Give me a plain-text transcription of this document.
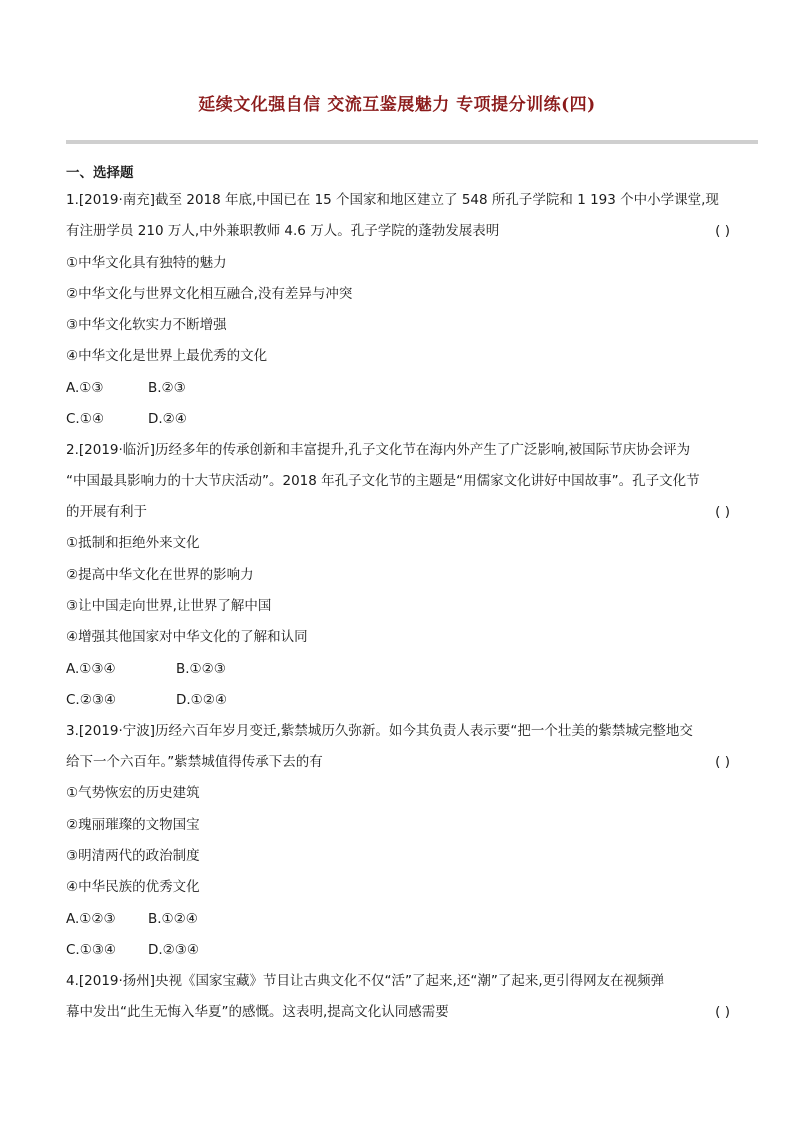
延续文化强自信 交流互鉴展魅力 专项提分训练(四)
一、选择题
1.[2019·南充]截至 2018 年底,中国已在 15 个国家和地区建立了 548 所孔子学院和 1 193 个中小学课堂,现
有注册学员 210 万人,中外兼职教师 4.6 万人。孔子学院的蓬勃发展表明	( )
①中华文化具有独特的魅力
②中华文化与世界文化相互融合,没有差异与冲突
③中华文化软实力不断增强
④中华文化是世界上最优秀的文化
A.①③	B.②③
C.①④	D.②④
2.[2019·临沂]历经多年的传承创新和丰富提升,孔子文化节在海内外产生了广泛影响,被国际节庆协会评为
“中国最具影响力的十大节庆活动”。2018 年孔子文化节的主题是“用儒家文化讲好中国故事”。孔子文化节
的开展有利于	( )
①抵制和拒绝外来文化
②提高中华文化在世界的影响力
③让中国走向世界,让世界了解中国
④增强其他国家对中华文化的了解和认同
A.①③④	B.①②③
C.②③④	D.①②④
3.[2019·宁波]历经六百年岁月变迁,紫禁城历久弥新。如今其负责人表示要“把一个壮美的紫禁城完整地交
给下一个六百年。”紫禁城值得传承下去的有	( )
①气势恢宏的历史建筑
②瑰丽璀璨的文物国宝
③明清两代的政治制度
④中华民族的优秀文化
A.①②③ B.①②④
C.①③④ D.②③④
4.[2019·扬州]央视《国家宝藏》节目让古典文化不仅“活”了起来,还“潮”了起来,更引得网友在视频弹
幕中发出“此生无悔入华夏”的感慨。这表明,提高文化认同感需要	( )
